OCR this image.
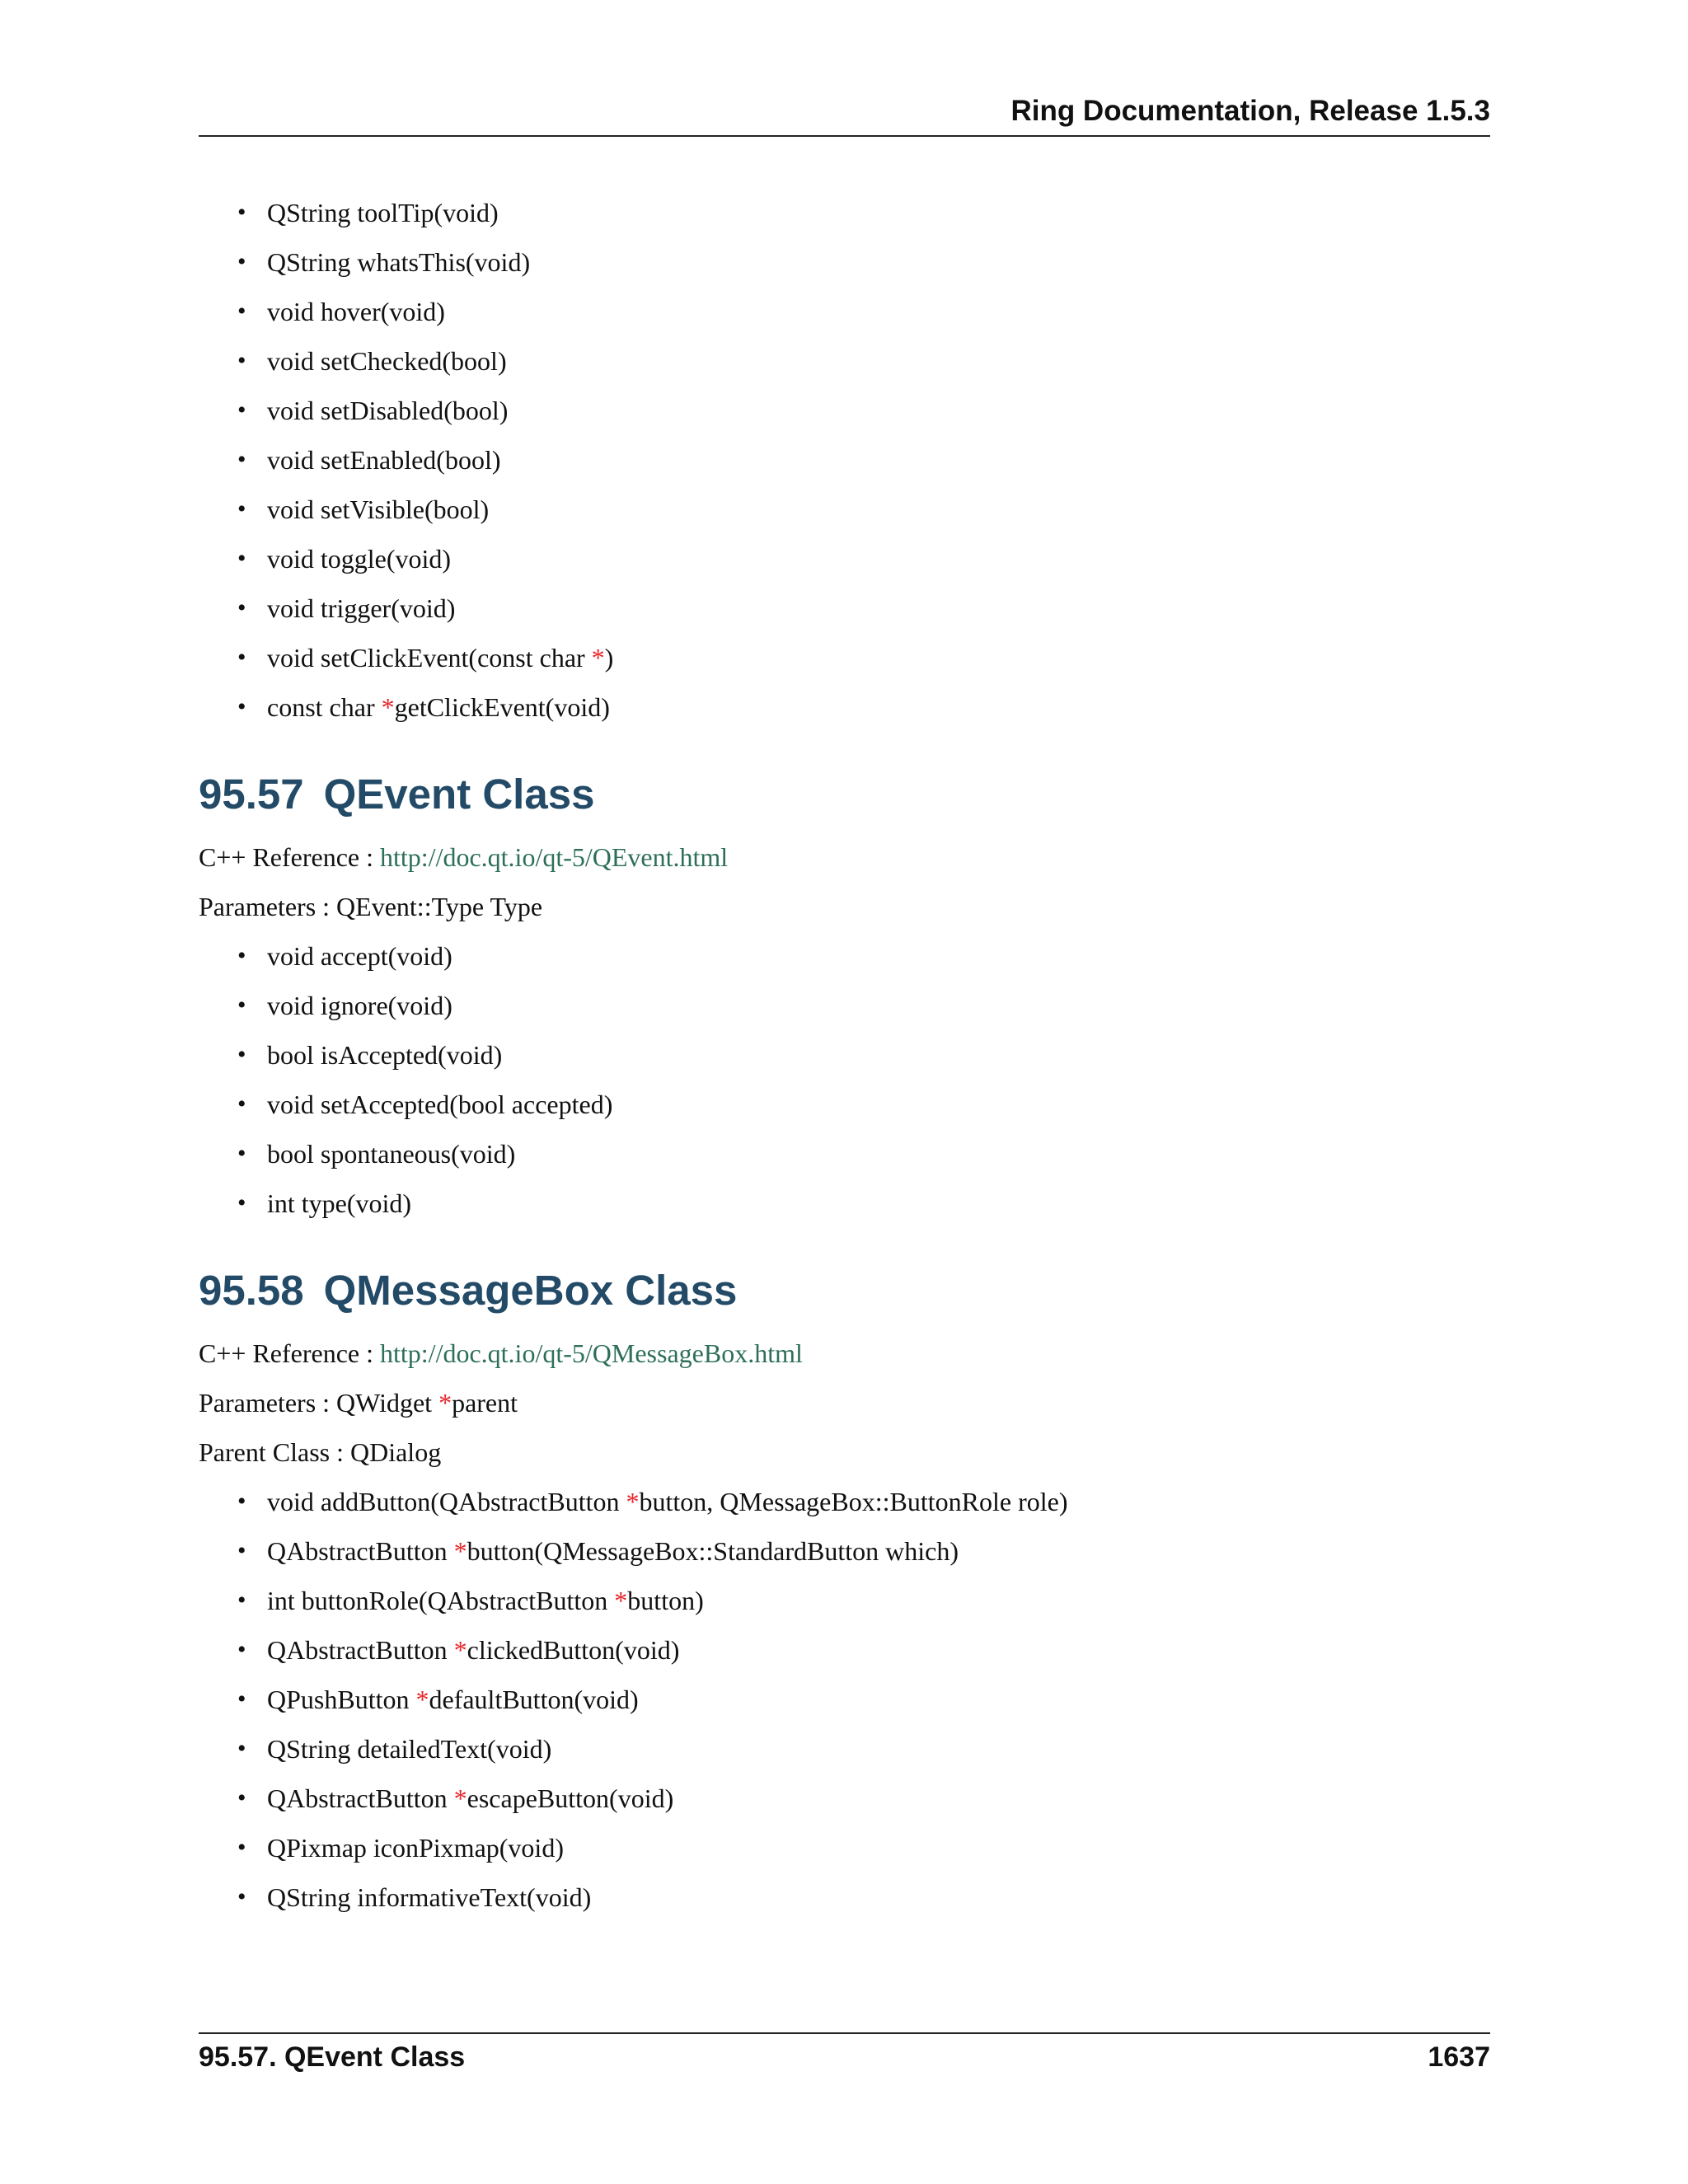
Ring Documentation, Release 1.5.3
• QString toolTip(void)
• QString whatsThis(void)
• void hover(void)
• void setChecked(bool)
• void setDisabled(bool)
• void setEnabled(bool)
• void setVisible(bool)
• void toggle(void)
• void trigger(void)
• void setClickEvent(const char *)
• const char *getClickEvent(void)
95.57 QEvent Class

C++ Reference : http://doc.qt.io/qt-5/QEvent.html

Parameters : QEvent::Type Type

• void accept(void)
• void ignore(void)
• bool isAccepted(void)
• void setAccepted(bool accepted)
• bool spontaneous(void)
• int type(void)
95.58 QMessageBox Class

C++ Reference : http://doc.qt.io/qt-5/QMessageBox.html

Parameters : QWidget *parent

Parent Class : QDialog

• void addButton(QAbstractButton *button, QMessageBox::ButtonRole role)
• QAbstractButton *button(QMessageBox::StandardButton which)
• int buttonRole(QAbstractButton *button)
• QAbstractButton *clickedButton(void)
• QPushButton *defaultButton(void)
• QString detailedText(void)
• QAbstractButton *escapeButton(void)
• QPixmap iconPixmap(void)
• QString informativeText(void)
95.57. QEvent Class	1637
